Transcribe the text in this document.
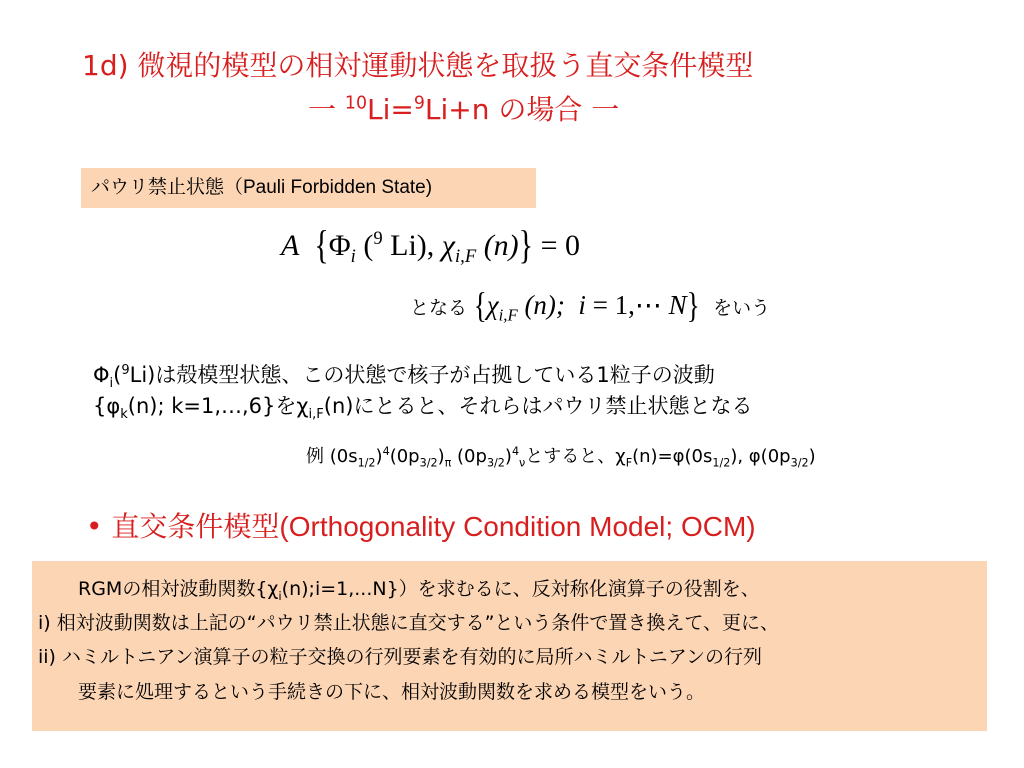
1d) 微視的模型の相対運動状態を取扱う直交条件模型
一 $^{10}$Li=$^9$Li+n の場合 一
パウリ禁止状態（Pauli Forbidden State)
A {$\Phi_i$ ($^9$ Li), $\chi_{i,F}$ (n)} = 0
となる {$\chi_{i,F}$ (n); i = 1,⋯ N} をいう
$\Phi_i(^9Li)$は殻模型状態、この状態で核子が占拠している1粒子の波動
{$\varphi_k(n)$; k=1,…,6}を$\chi_{i,F}(n)$にとると、それらはパウリ禁止状態となる
例 $(0s_{1/2})^4(0p_{3/2})_\pi$ $(0p_{3/2})^4_\nu$とすると、$\chi_F(n)=\varphi(0s_{1/2})$, $\varphi(0p_{3/2})$
• 直交条件模型(Orthogonality Condition Model; OCM)
RGMの相対波動関数$\{\chi_i(n);i=1,...N\}$）を求むるに、反対称化演算子の役割を、
i) 相対波動関数は上記の“パウリ禁止状態に直交する”という条件で置き換えて、更に、
ii) ハミルトニアン演算子の粒子交換の行列要素を有効的に局所ハミルトニアンの行列
要素に処理するという手続きの下に、相対波動関数を求める模型をいう。
